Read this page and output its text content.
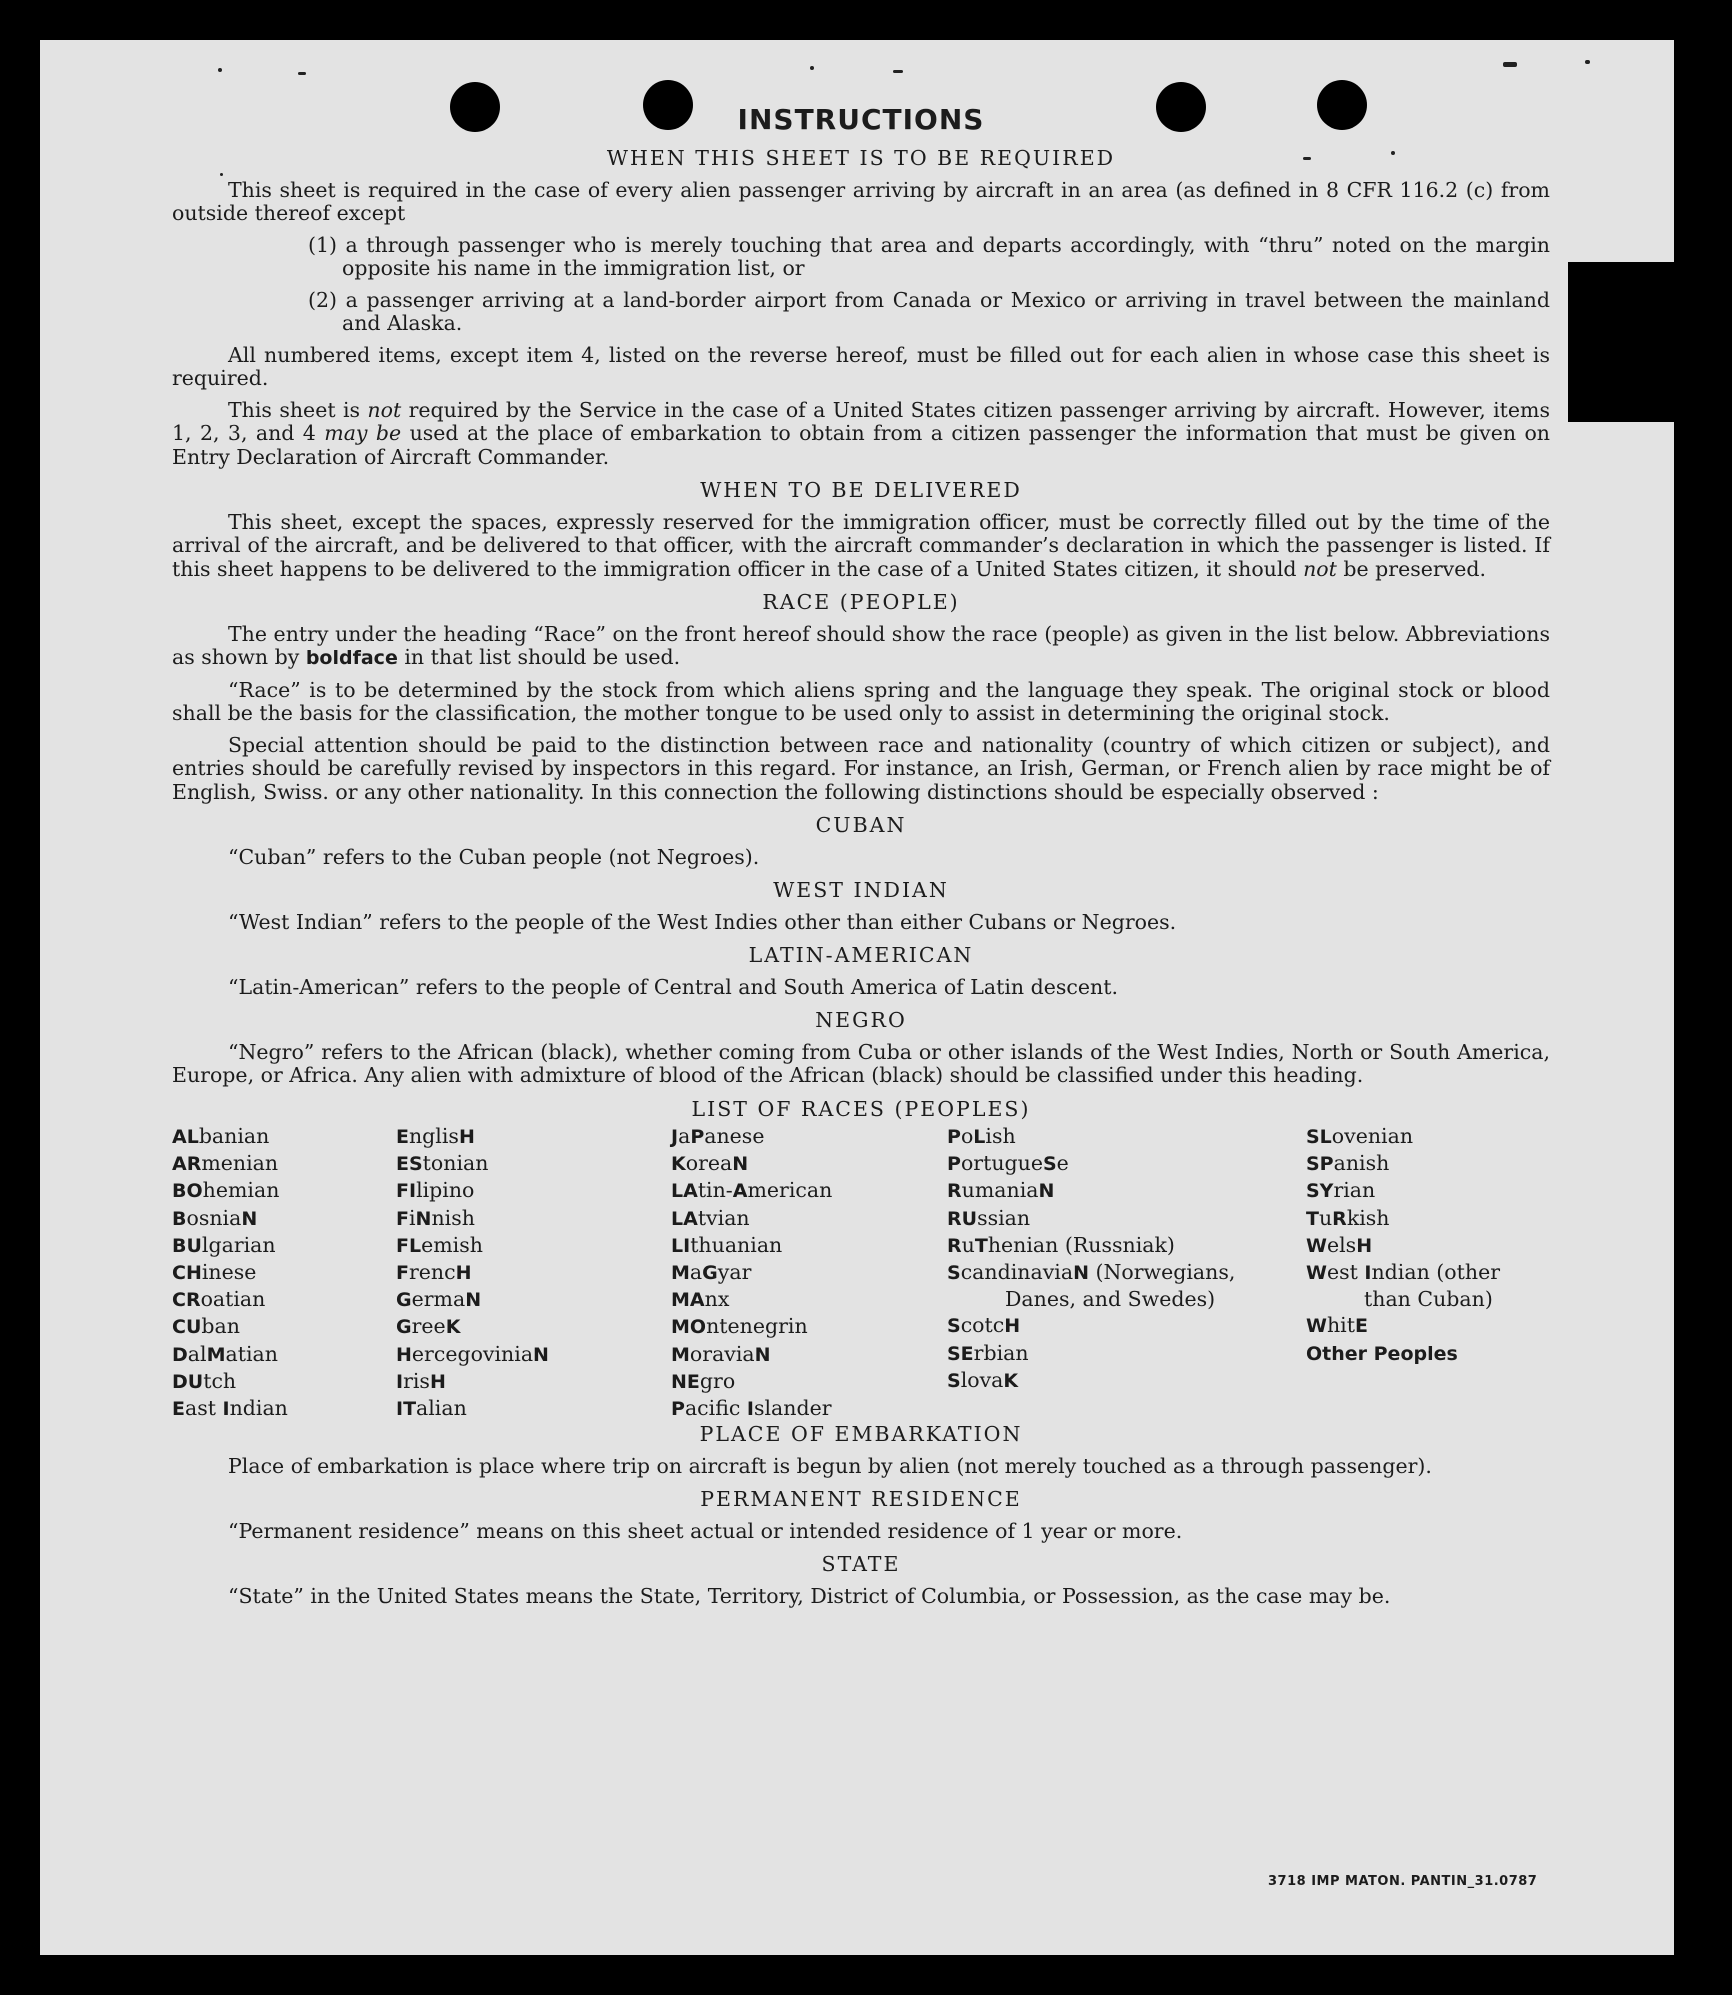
INSTRUCTIONS
WHEN THIS SHEET IS TO BE REQUIRED

This sheet is required in the case of every alien passenger arriving by aircraft in an area (as defined in 8 CFR 116.2 (c) from outside thereof except

(1) a through passenger who is merely touching that area and departs accordingly, with “thru” noted on the margin opposite his name in the immigration list, or

(2) a passenger arriving at a land-border airport from Canada or Mexico or arriving in travel between the mainland and Alaska.

All numbered items, except item 4, listed on the reverse hereof, must be filled out for each alien in whose case this sheet is required.

This sheet is not required by the Service in the case of a United States citizen passenger arriving by aircraft. However, items 1, 2, 3, and 4 may be used at the place of embarkation to obtain from a citizen passenger the information that must be given on Entry Declaration of Aircraft Commander.

WHEN TO BE DELIVERED

This sheet, except the spaces, expressly reserved for the immigration officer, must be correctly filled out by the time of the arrival of the aircraft, and be delivered to that officer, with the aircraft commander’s declaration in which the passenger is listed. If this sheet happens to be delivered to the immigration officer in the case of a United States citizen, it should not be preserved.

RACE (PEOPLE)

The entry under the heading “Race” on the front hereof should show the race (people) as given in the list below. Abbreviations as shown by boldface in that list should be used.

“Race” is to be determined by the stock from which aliens spring and the language they speak. The original stock or blood shall be the basis for the classification, the mother tongue to be used only to assist in determining the original stock.

Special attention should be paid to the distinction between race and nationality (country of which citizen or subject), and entries should be carefully revised by inspectors in this regard. For instance, an Irish, German, or French alien by race might be of English, Swiss. or any other nationality. In this connection the following distinctions should be especially observed :

CUBAN

“Cuban” refers to the Cuban people (not Negroes).

WEST INDIAN

“West Indian” refers to the people of the West Indies other than either Cubans or Negroes.

LATIN-AMERICAN

“Latin-American” refers to the people of Central and South America of Latin descent.

NEGRO

“Negro” refers to the African (black), whether coming from Cuba or other islands of the West Indies, North or South America, Europe, or Africa. Any alien with admixture of blood of the African (black) should be classified under this heading.

LIST OF RACES (PEOPLES)
ALbanian
ARmenian
BOhemian
BosniaN
BUlgarian
CHinese
CRoatian
CUban
DalMatian
DUtch
East Indian
EnglisH
EStonian
FIlipino
FiNnish
FLemish
FrencH
GermaN
GreeK
HercegoviniaN
IrisH
ITalian
JaPanese
KoreaN
LAtin-American
LAtvian
LIthuanian
MaGyar
MAnx
MOntenegrin
MoraviaN
NEgro
Pacific Islander
PoLish
PortugueSe
RumaniaN
RUssian
RuThenian (Russniak)
ScandinaviaN (Norwegians, Danes, and Swedes)
ScotcH
SErbian
SlovaK
SLovenian
SPanish
SYrian
TuRkish
WelsH
West Indian (other than Cuban)
WhitE
Other Peoples
PLACE OF EMBARKATION

Place of embarkation is place where trip on aircraft is begun by alien (not merely touched as a through passenger).

PERMANENT RESIDENCE

“Permanent residence” means on this sheet actual or intended residence of 1 year or more.

STATE

“State” in the United States means the State, Territory, District of Columbia, or Possession, as the case may be.

3718 IMP MATON. PANTIN_31.0787
